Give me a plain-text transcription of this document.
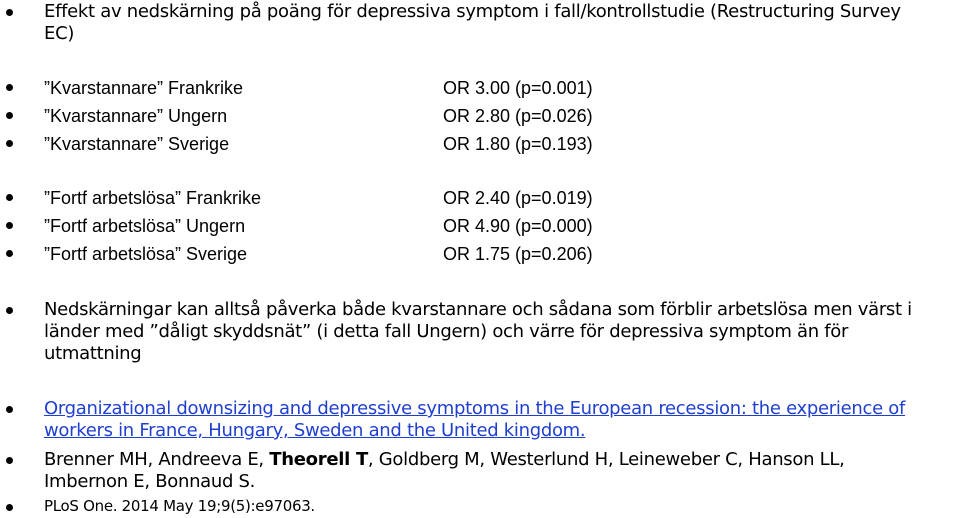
Effekt av nedskärning på poäng för depressiva symptom i fall/kontrollstudie (Restructuring Survey
EC)
”Kvarstannare” Frankrike	OR 3.00 (p=0.001)
”Kvarstannare” Ungern	OR 2.80 (p=0.026)
”Kvarstannare” Sverige	OR 1.80 (p=0.193)
”Fortf arbetslösa” Frankrike	OR 2.40 (p=0.019)
”Fortf arbetslösa” Ungern	OR 4.90 (p=0.000)
”Fortf arbetslösa” Sverige	OR 1.75 (p=0.206)
Nedskärningar kan alltså påverka både kvarstannare och sådana som förblir arbetslösa men värst i
länder med ”dåligt skyddsnät” (i detta fall Ungern) och värre för depressiva symptom än för
utmattning
Organizational downsizing and depressive symptoms in the European recession: the experience of
workers in France, Hungary, Sweden and the United kingdom.
Brenner MH, Andreeva E, Theorell T, Goldberg M, Westerlund H, Leineweber C, Hanson LL,
Imbernon E, Bonnaud S.
PLoS One. 2014 May 19;9(5):e97063.
